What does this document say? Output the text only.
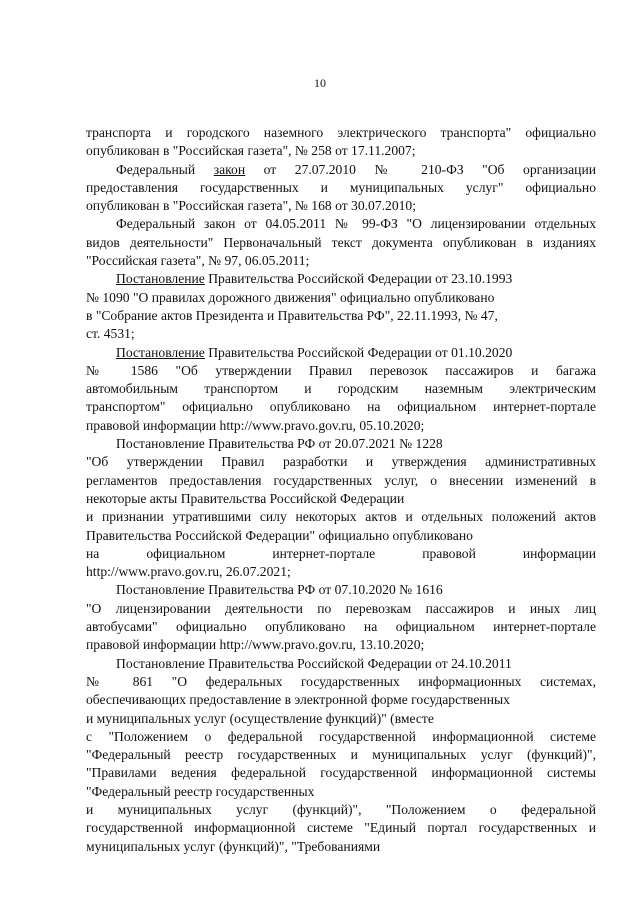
10
транспорта и городского наземного электрического транспорта" официально
опубликован в "Российская газета", № 258 от 17.11.2007;
Федеральный закон от 27.07.2010 № 210-ФЗ "Об организации
предоставления государственных и муниципальных услуг" официально
опубликован в "Российская газета", № 168 от 30.07.2010;
Федеральный закон от 04.05.2011 № 99-ФЗ "О лицензировании отдельных
видов деятельности" Первоначальный текст документа опубликован в изданиях
"Российская газета", № 97, 06.05.2011;
Постановление Правительства Российской Федерации от 23.10.1993
№ 1090 "О правилах дорожного движения" официально опубликовано
в "Собрание актов Президента и Правительства РФ", 22.11.1993, № 47,
ст. 4531;
Постановление Правительства Российской Федерации от 01.10.2020
№ 1586 "Об утверждении Правил перевозок пассажиров и багажа
автомобильным транспортом и городским наземным электрическим
транспортом" официально опубликовано на официальном интернет-портале
правовой информации http://www.pravo.gov.ru, 05.10.2020;
Постановление Правительства РФ от 20.07.2021 № 1228
"Об утверждении Правил разработки и утверждения административных
регламентов предоставления государственных услуг, о внесении изменений в
некоторые акты Правительства Российской Федерации
и признании утратившими силу некоторых актов и отдельных положений актов
Правительства Российской Федерации" официально опубликовано
на официальном интернет-портале правовой информации
http://www.pravo.gov.ru, 26.07.2021;
Постановление Правительства РФ от 07.10.2020 № 1616
"О лицензировании деятельности по перевозкам пассажиров и иных лиц
автобусами" официально опубликовано на официальном интернет-портале
правовой информации http://www.pravo.gov.ru, 13.10.2020;
Постановление Правительства Российской Федерации от 24.10.2011
№ 861 "О федеральных государственных информационных системах,
обеспечивающих предоставление в электронной форме государственных
и муниципальных услуг (осуществление функций)" (вместе
с "Положением о федеральной государственной информационной системе
"Федеральный реестр государственных и муниципальных услуг (функций)",
"Правилами ведения федеральной государственной информационной системы
"Федеральный реестр государственных
и муниципальных услуг (функций)", "Положением о федеральной
государственной информационной системе "Единый портал государственных и
муниципальных услуг (функций)", "Требованиями
